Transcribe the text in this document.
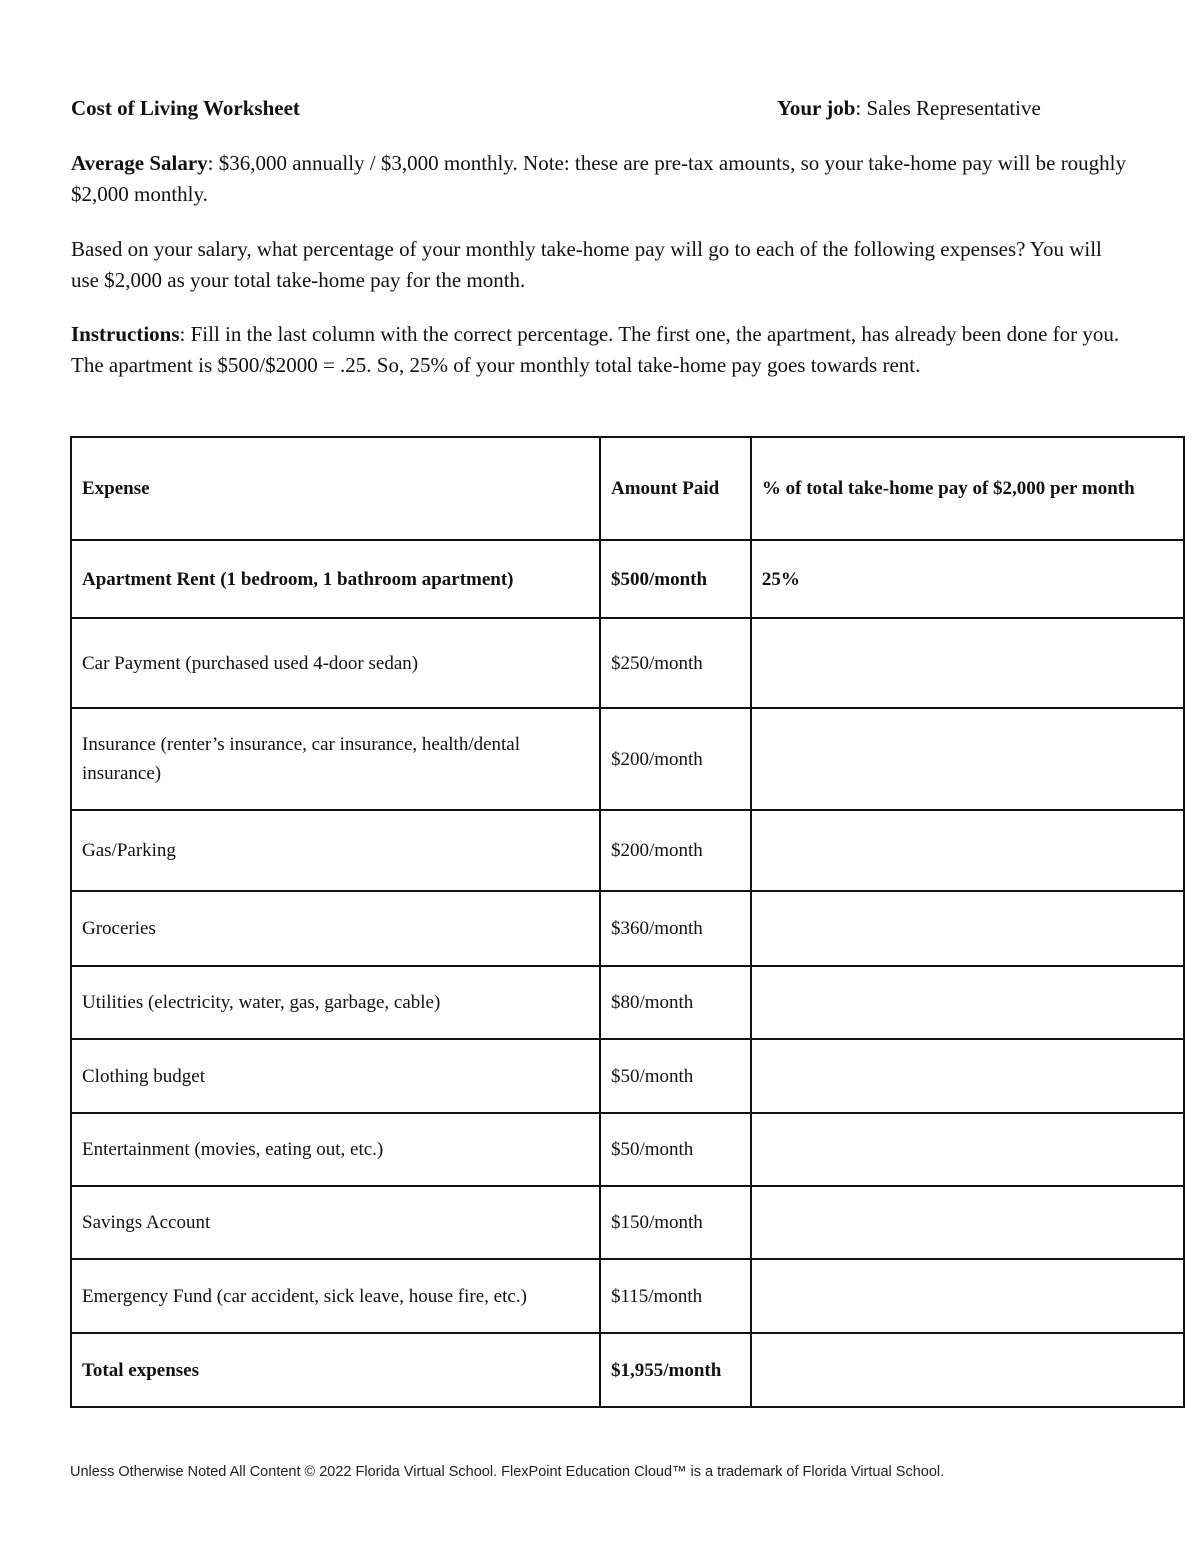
Cost of Living Worksheet	Your job: Sales Representative

Average Salary: $36,000 annually / $3,000 monthly. Note: these are pre-tax amounts, so your take-home pay will be roughly $2,000 monthly.

Based on your salary, what percentage of your monthly take-home pay will go to each of the following expenses? You will use $2,000 as your total take-home pay for the month.

Instructions: Fill in the last column with the correct percentage. The first one, the apartment, has already been done for you. The apartment is $500/$2000 = .25. So, 25% of your monthly total take-home pay goes towards rent.

Expense	Amount Paid	% of total take-home pay of $2,000 per month
Apartment Rent (1 bedroom, 1 bathroom apartment)	$500/month	25%
Car Payment (purchased used 4-door sedan)	$250/month	
Insurance (renter’s insurance, car insurance, health/dental insurance)	$200/month	
Gas/Parking	$200/month	
Groceries	$360/month	
Utilities (electricity, water, gas, garbage, cable)	$80/month	
Clothing budget	$50/month	
Entertainment (movies, eating out, etc.)	$50/month	
Savings Account	$150/month	
Emergency Fund (car accident, sick leave, house fire, etc.)	$115/month	
Total expenses	$1,955/month	
Unless Otherwise Noted All Content © 2022 Florida Virtual School. FlexPoint Education Cloud™ is a trademark of Florida Virtual School.
